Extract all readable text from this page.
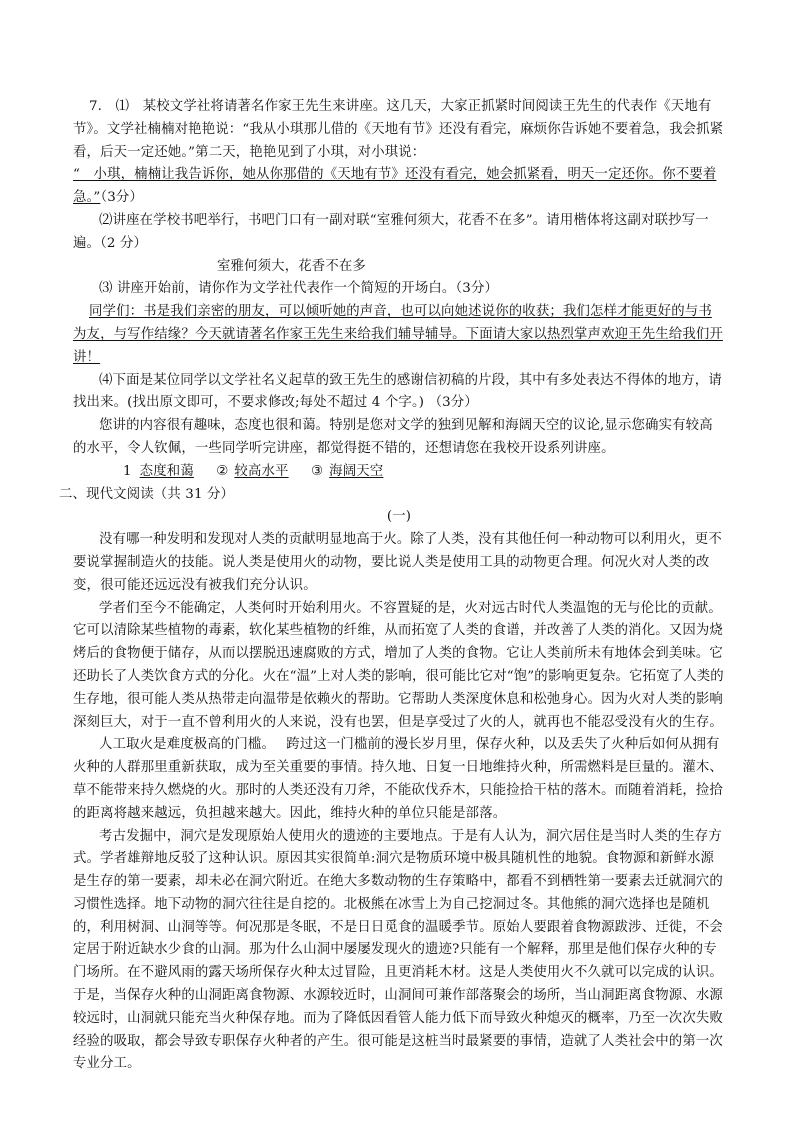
7.　⑴　某校文学社将请著名作家王先生来讲座。这几天，大家正抓紧时间阅读王先生的代表作《天地有节》。文学社楠楠对艳艳说：“我从小琪那儿借的《天地有节》还没有看完，麻烦你告诉她不要着急，我会抓紧看，后天一定还她。”第二天，艳艳见到了小琪，对小琪说：

“　小琪，楠楠让我告诉你，她从你那借的《天地有节》还没有看完，她会抓紧看，明天一定还你。你不要着急。”（3分）

⑵讲座在学校书吧举行，书吧门口有一副对联“室雅何须大，花香不在多”。请用楷体将这副对联抄写一遍。（2 分）

室雅何须大，花香不在多

⑶ 讲座开始前，请你作为文学社代表作一个简短的开场白。（3分）

同学们：书是我们亲密的朋友，可以倾听她的声音，也可以向她述说你的收获；我们怎样才能更好的与书为友，与写作结缘？今天就请著名作家王先生来给我们辅导辅导。下面请大家以热烈掌声欢迎王先生给我们开讲！

⑷下面是某位同学以文学社名义起草的致王先生的感谢信初稿的片段，其中有多处表达不得体的地方，请找出来。(找出原文即可，不要求修改;每处不超过 4 个字。) （3分）

您讲的内容很有趣味，态度也很和蔼。特别是您对文学的独到见解和海阔天空的议论,显示您确实有较高的水平，令人钦佩，一些同学听完讲座，都觉得挺不错的，还想请您在我校开设系列讲座。

1 态度和蔼 ② 较高水平 ③ 海阔天空

二、现代文阅读（共 31 分）

(一)

没有哪一种发明和发现对人类的贡献明显地高于火。除了人类，没有其他任何一种动物可以利用火，更不要说掌握制造火的技能。说人类是使用火的动物，要比说人类是使用工具的动物更合理。何况火对人类的改变，很可能还远远没有被我们充分认识。

学者们至今不能确定，人类何时开始利用火。不容置疑的是，火对远古时代人类温饱的无与伦比的贡献。它可以清除某些植物的毒素，软化某些植物的纤维，从而拓宽了人类的食谱，并改善了人类的消化。又因为烧烤后的食物便于储存，从而以摆脱迅速腐败的方式，增加了人类的食物。它让人类前所未有地体会到美味。它还助长了人类饮食方式的分化。火在“温”上对人类的影响，很可能比它对“饱”的影响更复杂。它拓宽了人类的生存地，很可能人类从热带走向温带是依赖火的帮助。它帮助人类深度休息和松弛身心。因为火对人类的影响深刻巨大，对于一直不曾利用火的人来说，没有也罢，但是享受过了火的人，就再也不能忍受没有火的生存。

人工取火是难度极高的门槛。　 跨过这一门槛前的漫长岁月里，保存火种，以及丢失了火种后如何从拥有火种的人群那里重新获取，成为至关重要的事情。持久地、日复一日地维持火种，所需燃料是巨量的。灌木、草不能带来持久燃烧的火。那时的人类还没有刀斧，不能砍伐乔木，只能捡拾干枯的落木。而随着消耗，捡拾的距离将越来越远，负担越来越大。因此，维持火种的单位只能是部落。

考古发掘中，洞穴是发现原始人使用火的遗迹的主要地点。于是有人认为，洞穴居住是当时人类的生存方式。学者雄辩地反驳了这种认识。原因其实很简单:洞穴是物质环境中极具随机性的地貌。食物源和新鲜水源是生存的第一要素，却未必在洞穴附近。在绝大多数动物的生存策略中，都看不到栖牲第一要素去迁就洞穴的习惯性选择。地下动物的洞穴往往是自挖的。北极熊在冰雪上为自己挖洞过冬。其他熊的洞穴选择也是随机的，利用树洞、山洞等等。何况那是冬眠，不是日日觅食的温暖季节。原始人要跟着食物源跋涉、迁徙，不会定居于附近缺水少食的山洞。那为什么山洞中屡屡发现火的遗迹?只能有一个解释，那里是他们保存火种的专门场所。在不避风雨的露天场所保存火种太过冒险，且更消耗木材。这是人类使用火不久就可以完成的认识。于是，当保存火种的山洞距离食物源、水源较近时，山洞间可兼作部落聚会的场所，当山洞距离食物源、水源较远时，山洞就只能充当火种保存地。而为了降低因看管人能力低下而导致火种熄灭的概率，乃至一次次失败经验的吸取，都会导致专职保存火种者的产生。很可能是这桩当时最紧要的事情，造就了人类社会中的第一次专业分工。
